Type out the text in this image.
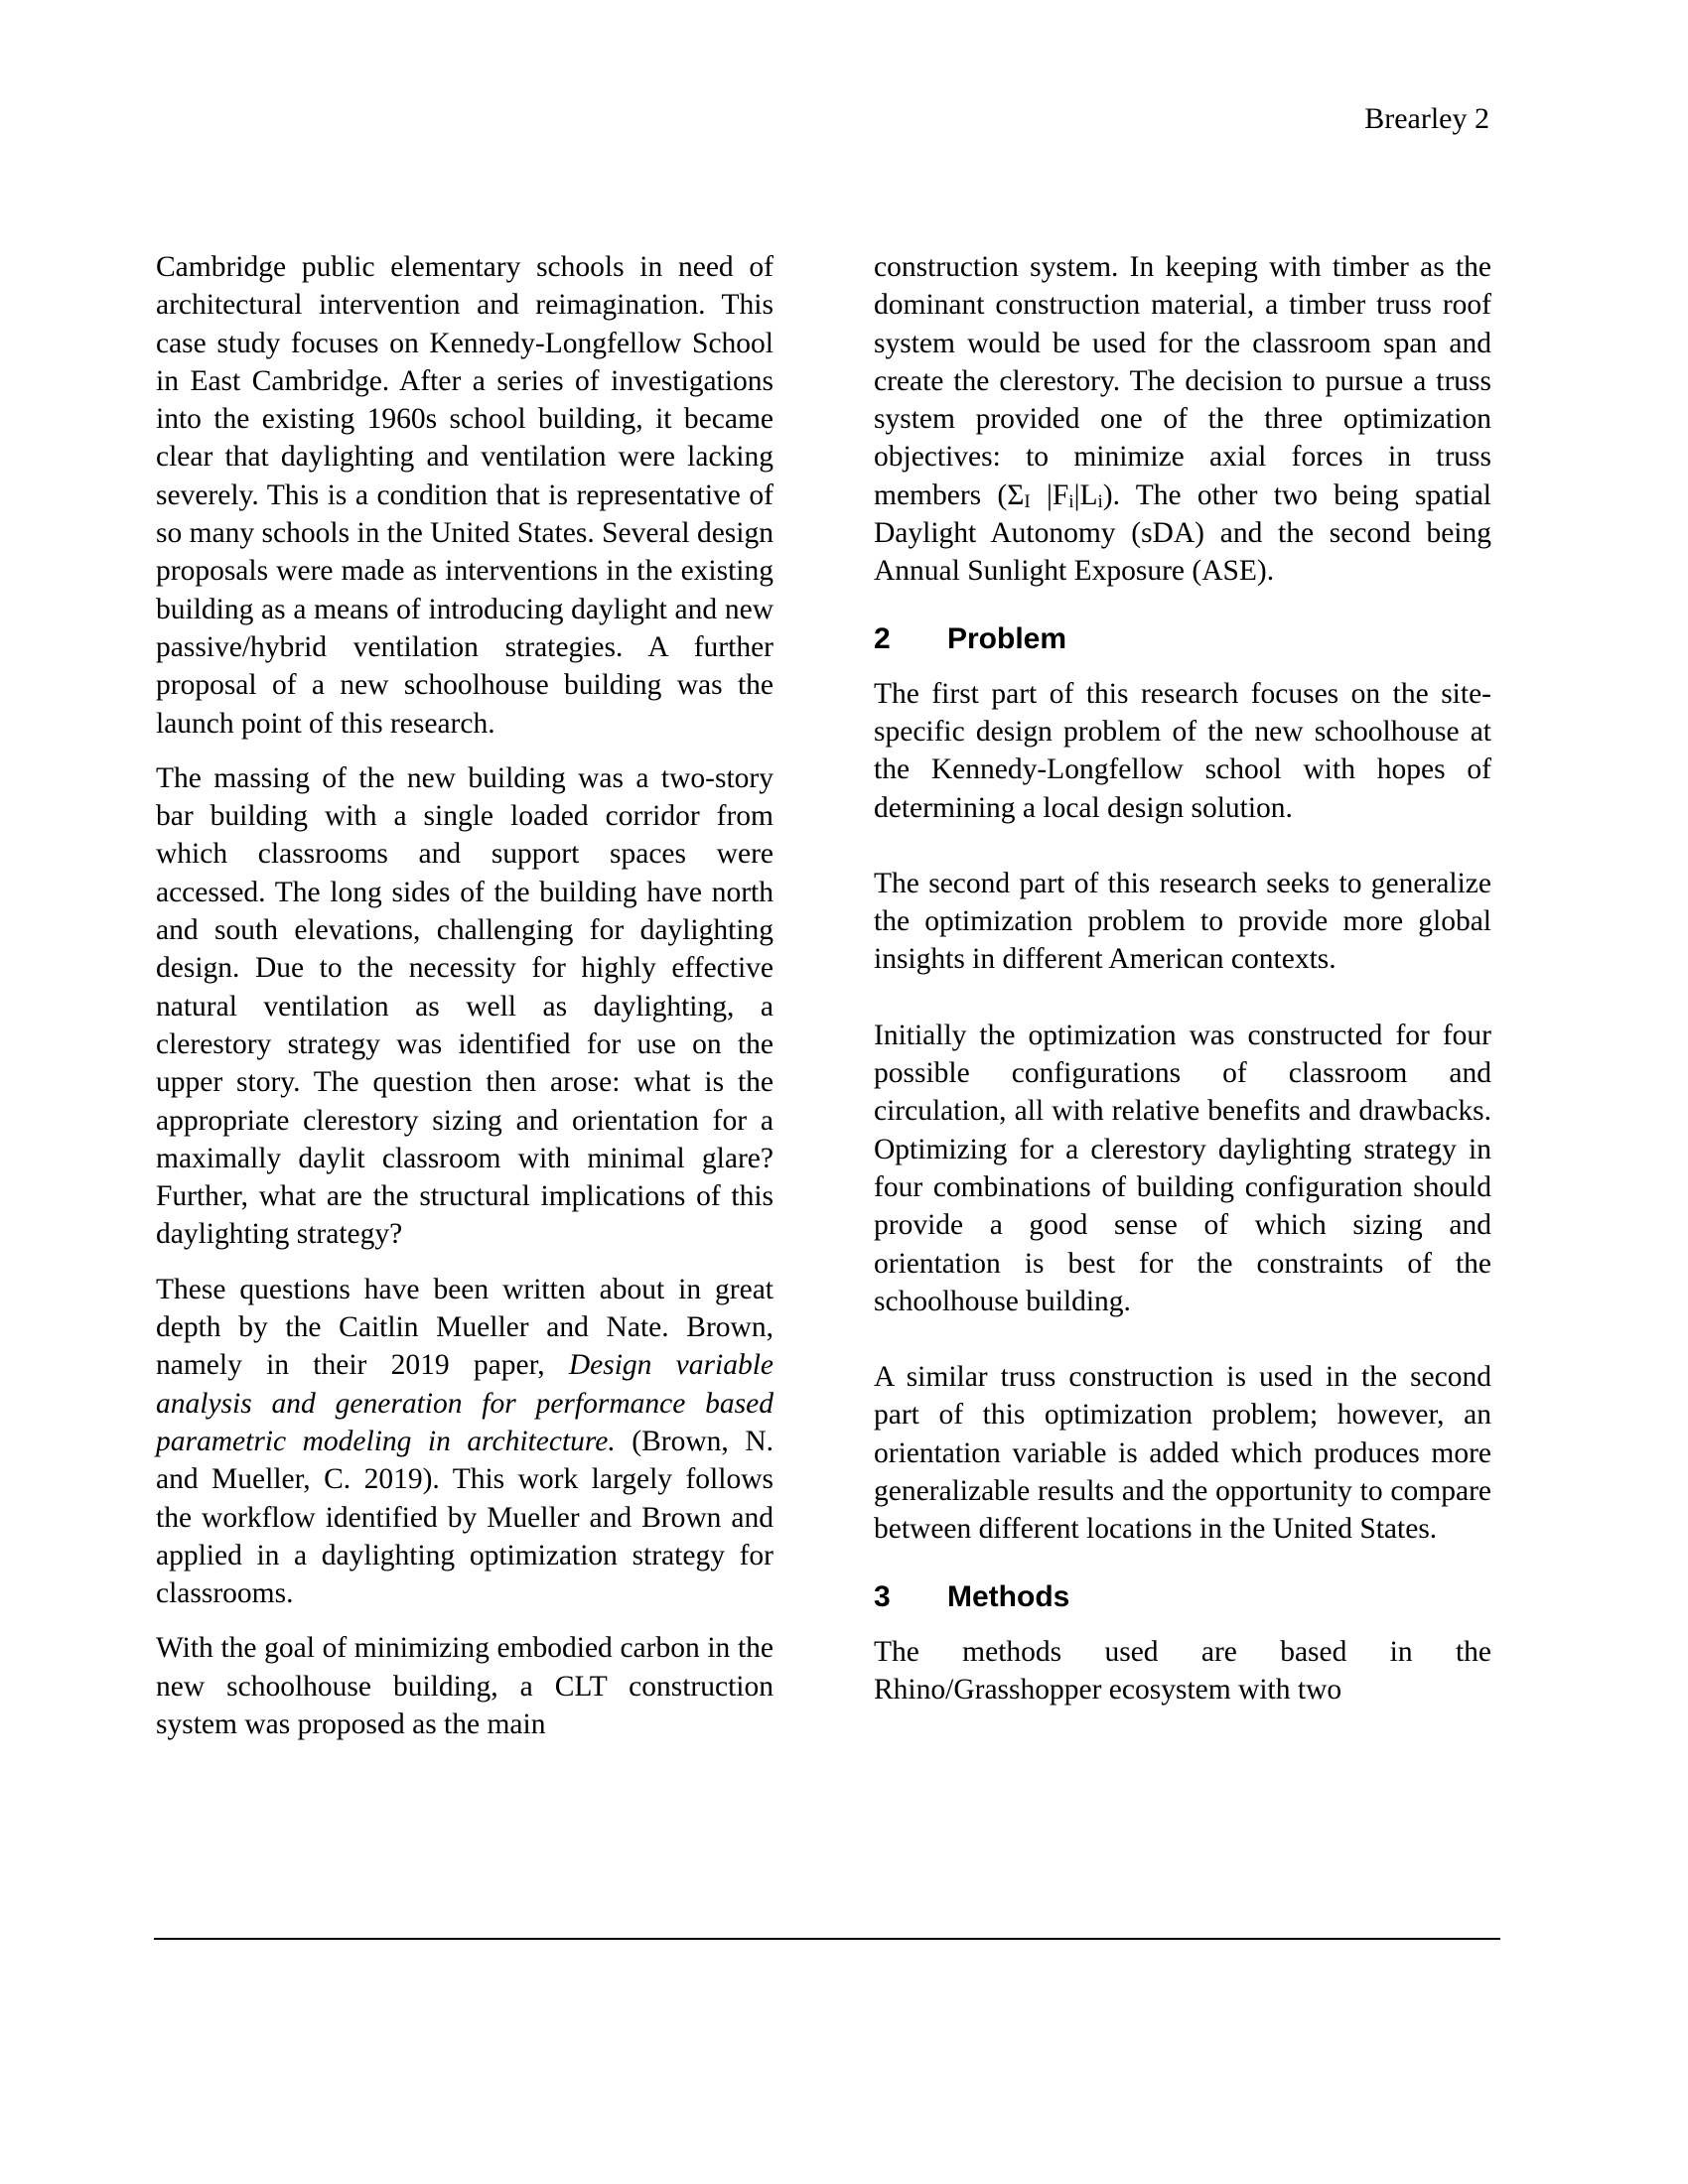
Brearley 2

Cambridge public elementary schools in need of architectural intervention and reimagination. This case study focuses on Kennedy-Longfellow School in East Cambridge. After a series of investigations into the existing 1960s school building, it became clear that daylighting and ventilation were lacking severely. This is a condition that is representative of so many schools in the United States. Several design proposals were made as interventions in the existing building as a means of introducing daylight and new passive/hybrid ventilation strategies. A further proposal of a new schoolhouse building was the launch point of this research.

The massing of the new building was a two-story bar building with a single loaded corridor from which classrooms and support spaces were accessed. The long sides of the building have north and south elevations, challenging for daylighting design. Due to the necessity for highly effective natural ventilation as well as daylighting, a clerestory strategy was identified for use on the upper story. The question then arose: what is the appropriate clerestory sizing and orientation for a maximally daylit classroom with minimal glare? Further, what are the structural implications of this daylighting strategy?

These questions have been written about in great depth by the Caitlin Mueller and Nate. Brown, namely in their 2019 paper, Design variable analysis and generation for performance based parametric modeling in architecture. (Brown, N. and Mueller, C. 2019). This work largely follows the workflow identified by Mueller and Brown and applied in a daylighting optimization strategy for classrooms.

With the goal of minimizing embodied carbon in the new schoolhouse building, a CLT construction system was proposed as the main

construction system. In keeping with timber as the dominant construction material, a timber truss roof system would be used for the classroom span and create the clerestory. The decision to pursue a truss system provided one of the three optimization objectives: to minimize axial forces in truss members ($\Sigma_I$ $|F_i|L_i$). The other two being spatial Daylight Autonomy (sDA) and the second being Annual Sunlight Exposure (ASE).

2 Problem

The first part of this research focuses on the site-specific design problem of the new schoolhouse at the Kennedy-Longfellow school with hopes of determining a local design solution.

The second part of this research seeks to generalize the optimization problem to provide more global insights in different American contexts.

Initially the optimization was constructed for four possible configurations of classroom and circulation, all with relative benefits and drawbacks. Optimizing for a clerestory daylighting strategy in four combinations of building configuration should provide a good sense of which sizing and orientation is best for the constraints of the schoolhouse building.

A similar truss construction is used in the second part of this optimization problem; however, an orientation variable is added which produces more generalizable results and the opportunity to compare between different locations in the United States.

3 Methods

The methods used are based in the Rhino/Grasshopper ecosystem with two
